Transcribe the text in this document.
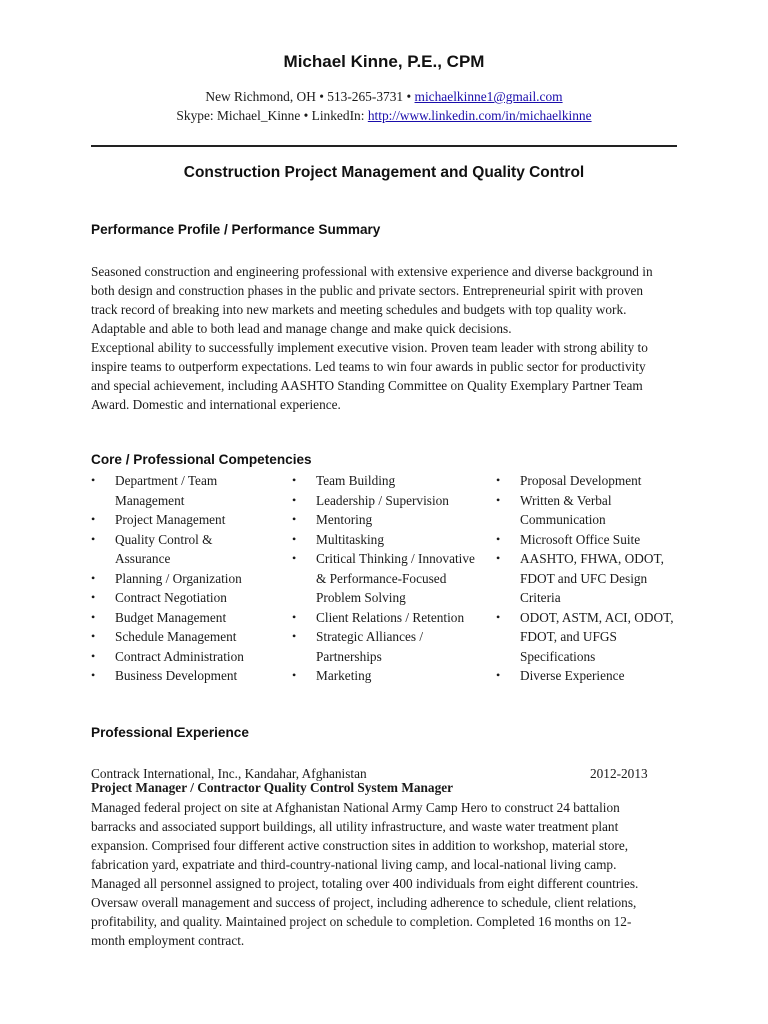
Michael Kinne, P.E., CPM
New Richmond, OH • 513-265-3731 • michaelkinne1@gmail.com
Skype: Michael_Kinne • LinkedIn: http://www.linkedin.com/in/michaelkinne
Construction Project Management and Quality Control
Performance Profile / Performance Summary

Seasoned construction and engineering professional with extensive experience and diverse background in
both design and construction phases in the public and private sectors. Entrepreneurial spirit with proven
track record of breaking into new markets and meeting schedules and budgets with top quality work.
Adaptable and able to both lead and manage change and make quick decisions.
Exceptional ability to successfully implement executive vision. Proven team leader with strong ability to
inspire teams to outperform expectations. Led teams to win four awards in public sector for productivity
and special achievement, including AASHTO Standing Committee on Quality Exemplary Partner Team
Award. Domestic and international experience.

Core / Professional Competencies
• Department / Team Management
• Project Management
• Quality Control & Assurance
• Planning / Organization
• Contract Negotiation
• Budget Management
• Schedule Management
• Contract Administration
• Business Development
• Team Building
• Leadership / Supervision
• Mentoring
• Multitasking
• Critical Thinking / Innovative & Performance-Focused Problem Solving
• Client Relations / Retention
• Strategic Alliances / Partnerships
• Marketing
• Proposal Development
• Written & Verbal Communication
• Microsoft Office Suite
• AASHTO, FHWA, ODOT, FDOT and UFC Design Criteria
• ODOT, ASTM, ACI, ODOT, FDOT, and UFGS Specifications
• Diverse Experience
Professional Experience
Contrack International, Inc., Kandahar, Afghanistan	2012-2013
Project Manager / Contractor Quality Control System Manager

Managed federal project on site at Afghanistan National Army Camp Hero to construct 24 battalion
barracks and associated support buildings, all utility infrastructure, and waste water treatment plant
expansion. Comprised four different active construction sites in addition to workshop, material store,
fabrication yard, expatriate and third-country-national living camp, and local-national living camp.
Managed all personnel assigned to project, totaling over 400 individuals from eight different countries.
Oversaw overall management and success of project, including adherence to schedule, client relations,
profitability, and quality. Maintained project on schedule to completion. Completed 16 months on 12-
month employment contract.
